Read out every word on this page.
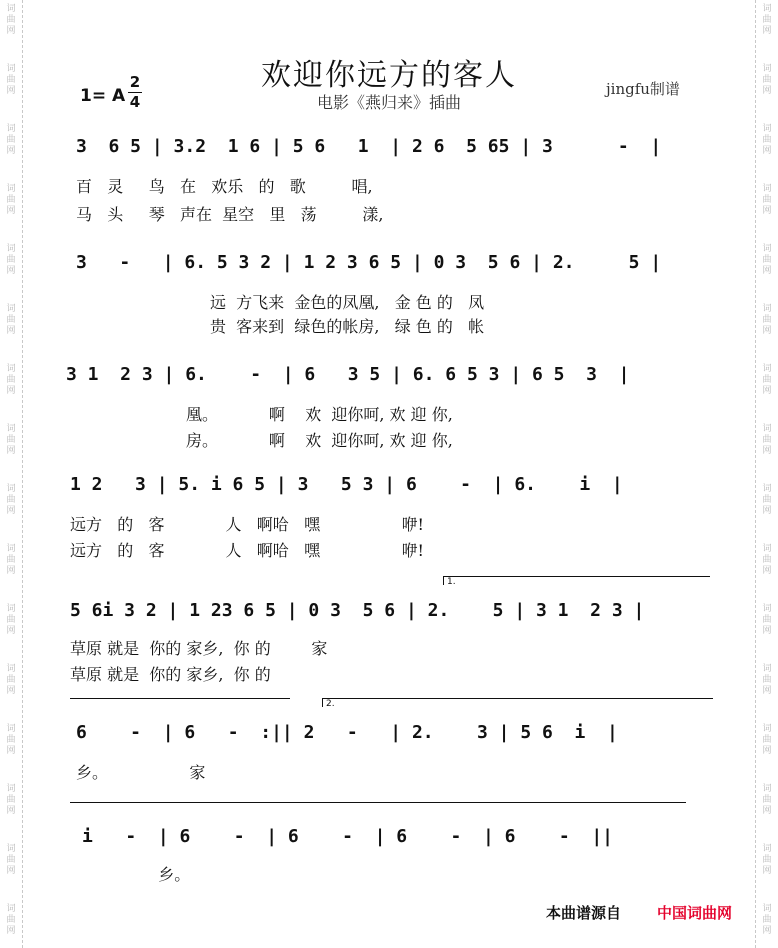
欢迎你远方的客人
电影《燕归来》插曲
jingfu制谱
1= A
2
4
3  6 5 | 3.2  1 6 | 5 6   1  | 2 6  5 65 | 3      -  |
百   灵     鸟   在   欢乐   的   歌         唱,
马   头     琴   声在  星空   里   荡         漾,
3   -   | 6. 5 3 2 | 1 2 3 6 5 | 0 3  5 6 | 2.     5 |
远  方飞来  金色的凤凰,   金 色 的   凤
贵  客来到  绿色的帐房,   绿 色 的   帐
3 1  2 3 | 6.    -  | 6   3 5 | 6. 6 5 3 | 6 5  3  |
凰。          啊    欢  迎你呵, 欢 迎 你,
房。          啊    欢  迎你呵, 欢 迎 你,
1 2   3 | 5. i 6 5 | 3   5 3 | 6    -  | 6.    i  |
远方   的   客            人   啊哈   嘿                咿!
远方   的   客            人   啊哈   嘿                咿!
1.
5 6i 3 2 | 1 23 6 5 | 0 3  5 6 | 2.    5 | 3 1  2 3 |
草原 就是  你的 家乡,  你 的        家
草原 就是  你的 家乡,  你 的
2.
6    -  | 6   -  :|| 2   -   | 2.    3 | 5 6  i  |
乡。                家
i   -  | 6    -  | 6    -  | 6    -  | 6    -  ||
乡。
本曲谱源自 中国词曲网
词
曲
网
词
曲
网
词
曲
网
词
曲
网
词
曲
网
词
曲
网
词
曲
网
词
曲
网
词
曲
网
词
曲
网
词
曲
网
词
曲
网
词
曲
网
词
曲
网
词
曲
网
词
曲
网
词
曲
网
词
曲
网
词
曲
网
词
曲
网
词
曲
网
词
曲
网
词
曲
网
词
曲
网
词
曲
网
词
曲
网
词
曲
网
词
曲
网
词
曲
网
词
曲
网
词
曲
网
词
曲
网
